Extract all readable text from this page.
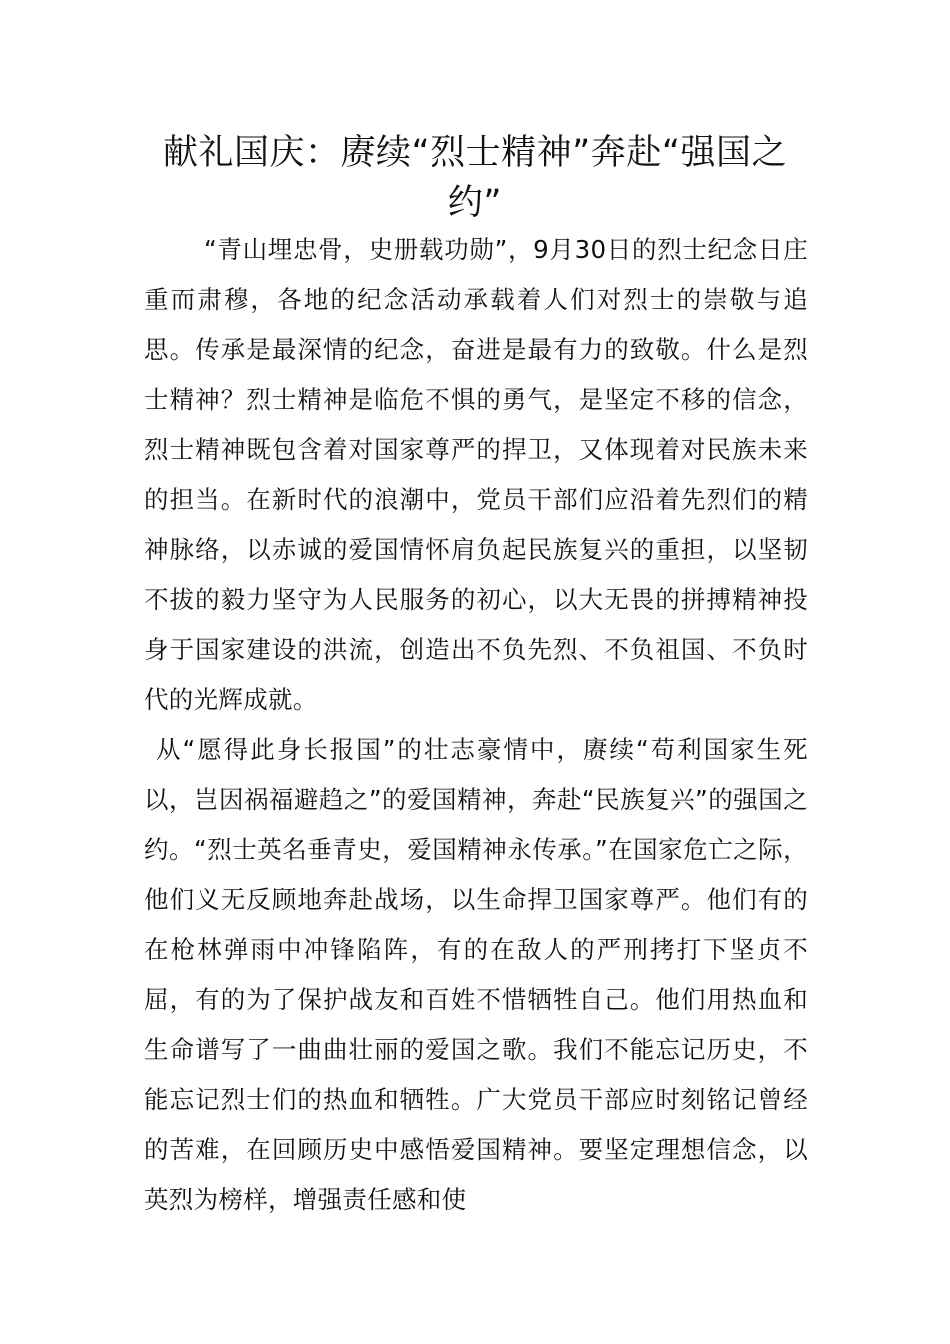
献礼国庆：赓续“烈士精神”奔赴“强国之约”

“青山埋忠骨，史册载功勋”，9月30日的烈士纪念日庄重而肃穆，各地的纪念活动承载着人们对烈士的崇敬与追思。传承是最深情的纪念，奋进是最有力的致敬。什么是烈士精神？烈士精神是临危不惧的勇气，是坚定不移的信念，烈士精神既包含着对国家尊严的捍卫，又体现着对民族未来的担当。在新时代的浪潮中，党员干部们应沿着先烈们的精神脉络，以赤诚的爱国情怀肩负起民族复兴的重担，以坚韧不拔的毅力坚守为人民服务的初心，以大无畏的拼搏精神投身于国家建设的洪流，创造出不负先烈、不负祖国、不负时代的光辉成就。

从“愿得此身长报国”的壮志豪情中，赓续“苟利国家生死以，岂因祸福避趋之”的爱国精神，奔赴“民族复兴”的强国之约。“烈士英名垂青史，爱国精神永传承。”在国家危亡之际，他们义无反顾地奔赴战场，以生命捍卫国家尊严。他们有的在枪林弹雨中冲锋陷阵，有的在敌人的严刑拷打下坚贞不屈，有的为了保护战友和百姓不惜牺牲自己。他们用热血和生命谱写了一曲曲壮丽的爱国之歌。我们不能忘记历史，不能忘记烈士们的热血和牺牲。广大党员干部应时刻铭记曾经的苦难，在回顾历史中感悟爱国精神。要坚定理想信念，以英烈为榜样，增强责任感和使
